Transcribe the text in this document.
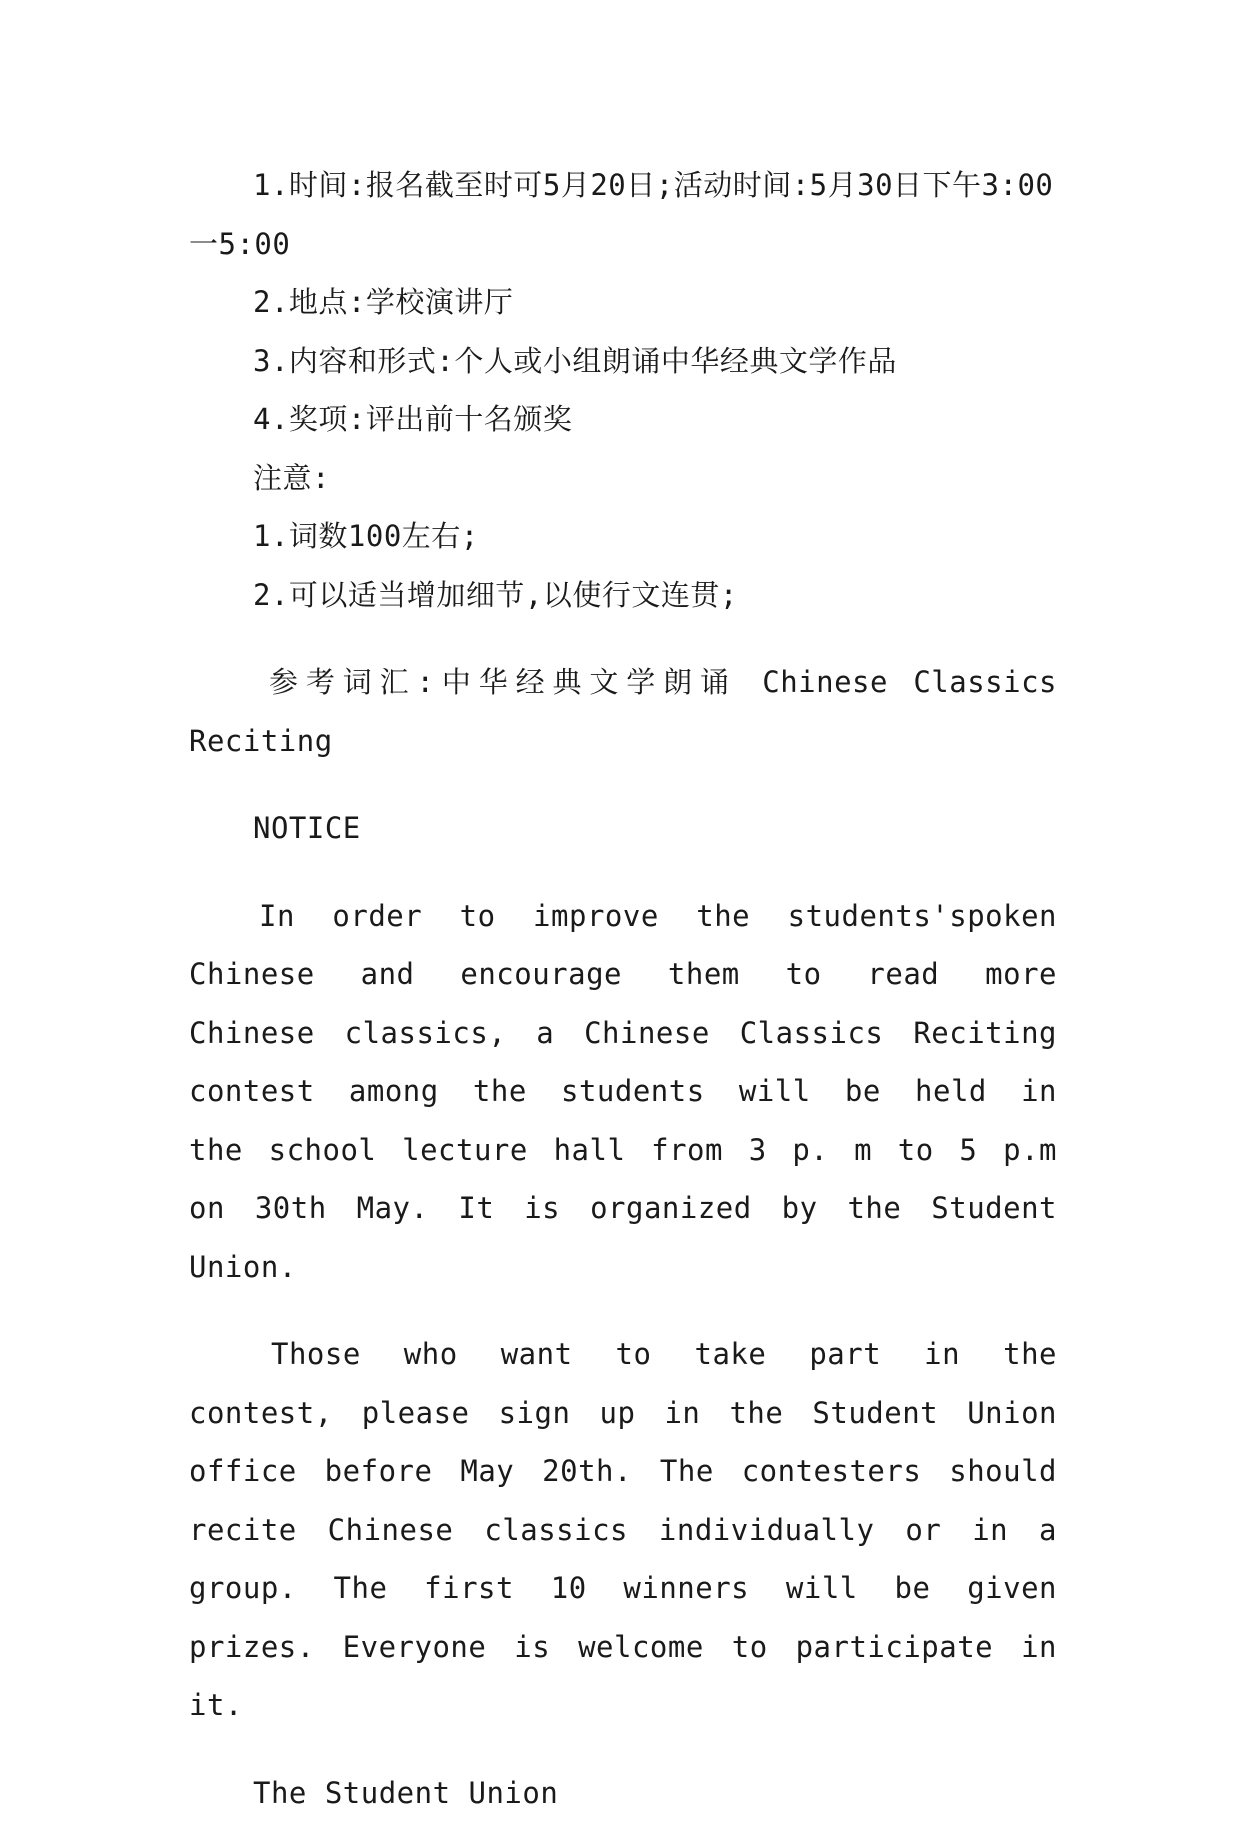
1.时间:报名截至时可5月20日;活动时间:5月30日下午3:00一5:00

2.地点:学校演讲厅

3.内容和形式:个人或小组朗诵中华经典文学作品

4.奖项:评出前十名颁奖

注意:

1.词数100左右;

2.可以适当增加细节,以使行文连贯;

参考词汇:中华经典文学朗诵 Chinese Classics Reciting

NOTICE

In order to improve the students'spoken Chinese and encourage them to read more Chinese classics, a Chinese Classics Reciting contest among the students will be held in the school lecture hall from 3 p. m to 5 p.m on 30th May. It is organized by the Student Union.

Those who want to take part in the contest, please sign up in the Student Union office before May 20th. The contesters should recite Chinese classics individually or in a group. The first 10 winners will be given prizes. Everyone is welcome to participate in it.

The Student Union
